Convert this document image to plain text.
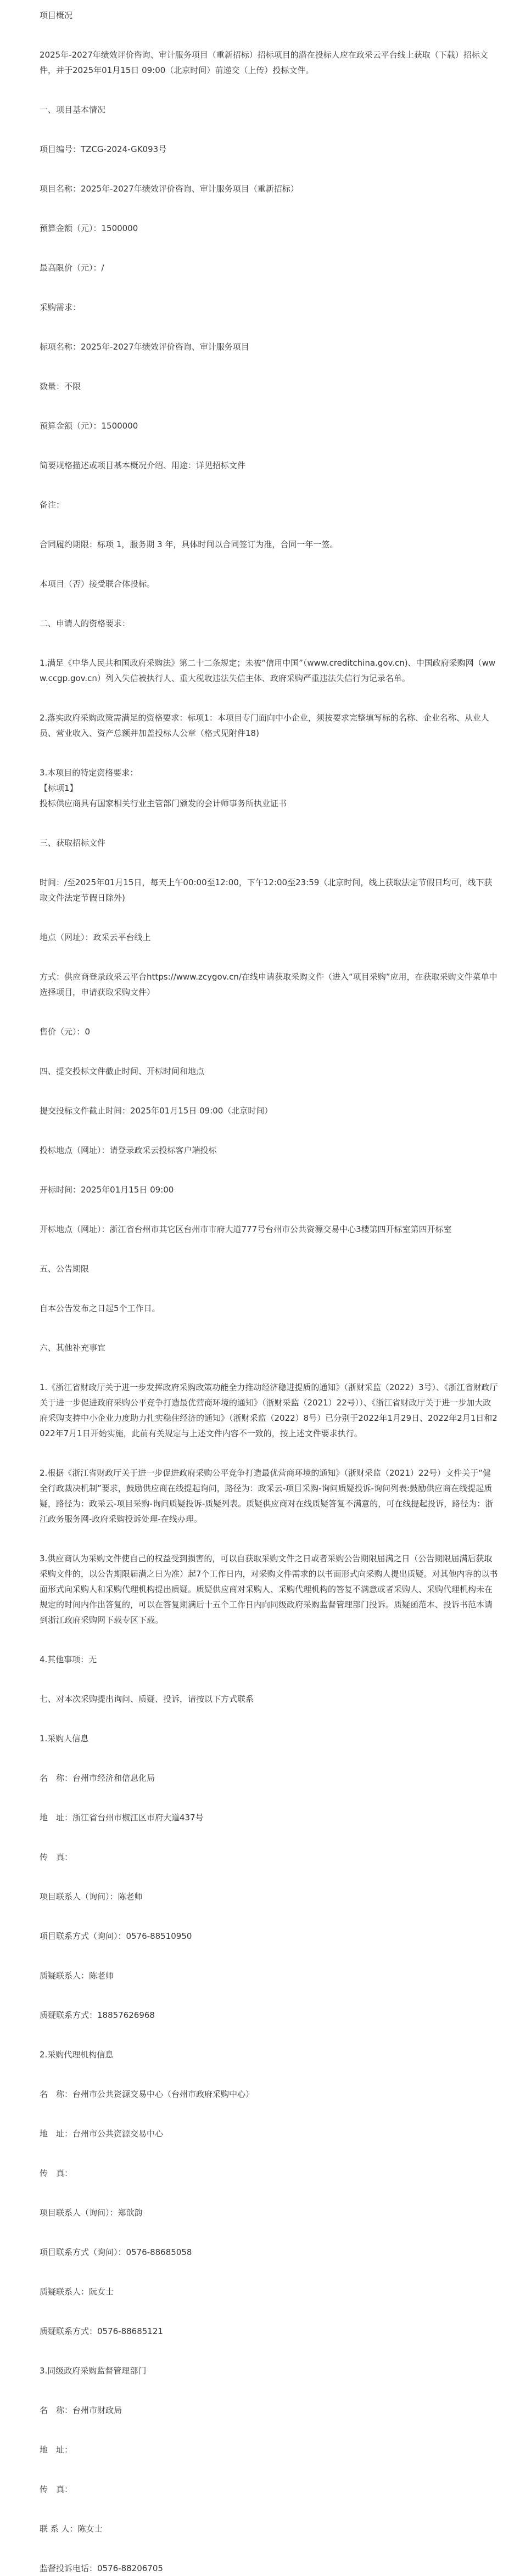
项目概况

2025年-2027年绩效评价咨询、审计服务项目（重新招标）招标项目的潜在投标人应在政采云平台线上获取（下载）招标文件，并于2025年01月15日 09:00（北京时间）前递交（上传）投标文件。

一、项目基本情况

项目编号：TZCG-2024-GK093号

项目名称：2025年-2027年绩效评价咨询、审计服务项目（重新招标）

预算金额（元）：1500000

最高限价（元）：/

采购需求：

标项名称：2025年-2027年绩效评价咨询、审计服务项目

数量：不限

预算金额（元）：1500000

简要规格描述或项目基本概况介绍、用途：详见招标文件

备注：

合同履约期限：标项 1，服务期 3 年，具体时间以合同签订为准，合同一年一签。

本项目（否）接受联合体投标。

二、申请人的资格要求：

1.满足《中华人民共和国政府采购法》第二十二条规定；未被“信用中国”（www.creditchina.gov.cn)、中国政府采购网（www.ccgp.gov.cn）列入失信被执行人、重大税收违法失信主体、政府采购严重违法失信行为记录名单。

2.落实政府采购政策需满足的资格要求：标项1：本项目专门面向中小企业，须按要求完整填写标的名称、企业名称、从业人员、营业收入、资产总额并加盖投标人公章（格式见附件18)

3.本项目的特定资格要求：
【标项1】
投标供应商具有国家相关行业主管部门颁发的会计师事务所执业证书

三、获取招标文件

时间：/至2025年01月15日，每天上午00:00至12:00，下午12:00至23:59（北京时间，线上获取法定节假日均可，线下获取文件法定节假日除外)

地点（网址）：政采云平台线上

方式：供应商登录政采云平台https://www.zcygov.cn/在线申请获取采购文件（进入“项目采购”应用，在获取采购文件菜单中选择项目，申请获取采购文件）

售价（元）：0

四、提交投标文件截止时间、开标时间和地点

提交投标文件截止时间：2025年01月15日 09:00（北京时间）

投标地点（网址）：请登录政采云投标客户端投标

开标时间：2025年01月15日 09:00

开标地点（网址）：浙江省台州市其它区台州市市府大道777号台州市公共资源交易中心3楼第四开标室第四开标室

五、公告期限

自本公告发布之日起5个工作日。

六、其他补充事宜

1.《浙江省财政厅关于进一步发挥政府采购政策功能全力推动经济稳进提质的通知》（浙财采监（2022）3号）、《浙江省财政厅关于进一步促进政府采购公平竞争打造最优营商环境的通知》（浙财采监（2021）22号））、《浙江省财政厅关于进一步加大政府采购支持中小企业力度助力扎实稳住经济的通知》（浙财采监（2022）8号）已分别于2022年1月29日、2022年2月1日和2022年7月1日开始实施，此前有关规定与上述文件内容不一致的，按上述文件要求执行。

2.根据《浙江省财政厅关于进一步促进政府采购公平竞争打造最优营商环境的通知》（浙财采监（2021）22号）文件关于“健全行政裁决机制”要求，鼓励供应商在线提起询问，路径为：政采云-项目采购-询问质疑投诉-询问列表:鼓励供应商在线提起质疑，路径为：政采云-项目采购-询问质疑投诉-质疑列表。质疑供应商对在线质疑答复不满意的，可在线提起投诉，路径为：浙江政务服务网-政府采购投诉处理-在线办理。

3.供应商认为采购文件使自己的权益受到损害的，可以自获取采购文件之日或者采购公告期限届满之日（公告期限届满后获取采购文件的，以公告期限届满之日为准）起7个工作日内，对采购文件需求的以书面形式向采购人提出质疑。对其他内容的以书面形式向采购人和采购代理机构提出质疑。质疑供应商对采购人、采购代理机构的答复不满意或者采购人、采购代理机构未在规定的时间内作出答复的，可以在答复期满后十五个工作日内向同级政府采购监督管理部门投诉。质疑函范本、投诉书范本请到浙江政府采购网下载专区下载。

4.其他事项：无

七、对本次采购提出询问、质疑、投诉，请按以下方式联系

1.采购人信息

名　称：台州市经济和信息化局

地　址：浙江省台州市椒江区市府大道437号

传　真：

项目联系人（询问）：陈老师

项目联系方式（询问）：0576-88510950

质疑联系人：陈老师

质疑联系方式：18857626968

2.采购代理机构信息

名　称：台州市公共资源交易中心（台州市政府采购中心）

地　址：台州市公共资源交易中心

传　真：

项目联系人（询问）：郑歆韵

项目联系方式（询问）：0576-88685058

质疑联系人：阮女士

质疑联系方式：0576-88685121

3.同级政府采购监督管理部门

名　称：台州市财政局

地　址：

传　真：

联 系 人：陈女士

监督投诉电话：0576-88206705
